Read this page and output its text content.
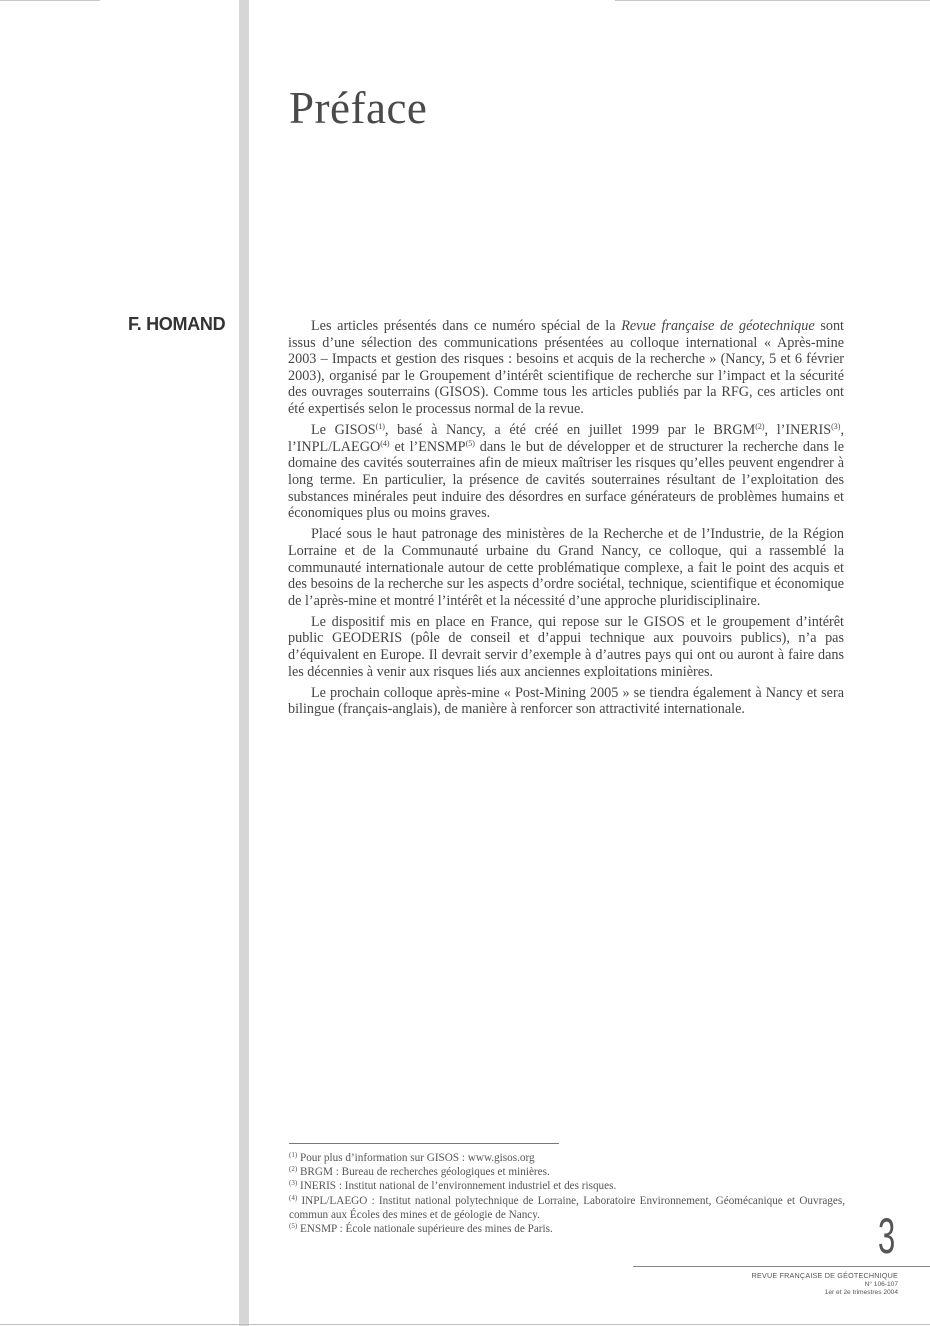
Préface
F. HOMAND	Les articles présentés dans ce numéro spécial de la Revue française de géotechnique sont issus d’une sélection des communications présentées au colloque international « Après-mine 2003 – Impacts et gestion des risques : besoins et acquis de la recherche » (Nancy, 5 et 6 février 2003), organisé par le Groupement d’intérêt scientifique de recherche sur l’impact et la sécurité des ouvrages souterrains (GISOS). Comme tous les articles publiés par la RFG, ces articles ont été expertisés selon le processus normal de la revue.

Le GISOS$^{(1)}$, basé à Nancy, a été créé en juillet 1999 par le BRGM$^{(2)}$, l’INERIS$^{(3)}$, l’INPL/LAEGO$^{(4)}$ et l’ENSMP$^{(5)}$ dans le but de développer et de structurer la recherche dans le domaine des cavités souterraines afin de mieux maîtriser les risques qu’elles peuvent engendrer à long terme. En particulier, la présence de cavités souterraines résultant de l’exploitation des substances minérales peut induire des désordres en surface générateurs de problèmes humains et économiques plus ou moins graves.

Placé sous le haut patronage des ministères de la Recherche et de l’Industrie, de la Région Lorraine et de la Communauté urbaine du Grand Nancy, ce colloque, qui a rassemblé la communauté internationale autour de cette problématique complexe, a fait le point des acquis et des besoins de la recherche sur les aspects d’ordre sociétal, technique, scientifique et économique de l’après-mine et montré l’intérêt et la nécessité d’une approche pluridisciplinaire.

Le dispositif mis en place en France, qui repose sur le GISOS et le groupement d’intérêt public GEODERIS (pôle de conseil et d’appui technique aux pouvoirs publics), n’a pas d’équivalent en Europe. Il devrait servir d’exemple à d’autres pays qui ont ou auront à faire dans les décennies à venir aux risques liés aux anciennes exploitations minières.

Le prochain colloque après-mine « Post-Mining 2005 » se tiendra également à Nancy et sera bilingue (français-anglais), de manière à renforcer son attractivité internationale.

$^{(1)}$ Pour plus d’information sur GISOS : www.gisos.org

$^{(2)}$ BRGM : Bureau de recherches géologiques et minières.

$^{(3)}$ INERIS : Institut national de l’environnement industriel et des risques.

$^{(4)}$ INPL/LAEGO : Institut national polytechnique de Lorraine, Laboratoire Environnement, Géomécanique et Ouvrages, commun aux Écoles des mines et de géologie de Nancy.

$^{(5)}$ ENSMP : École nationale supérieure des mines de Paris.	3
REVUE FRANÇAISE DE GÉOTECHNIQUE
N° 106-107
1er et 2e trimestres 2004
